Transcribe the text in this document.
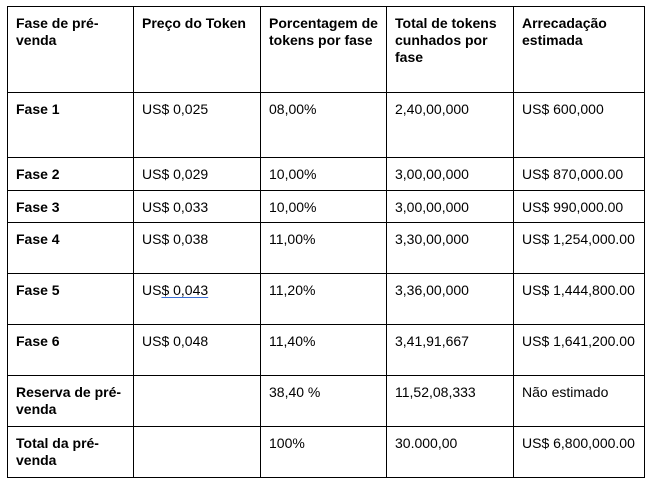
Fase de pré-venda	Preço do Token	Porcentagem de tokens por fase	Total de tokens cunhados por fase	Arrecadação estimada
Fase 1	US$ 0,025	08,00%	2,40,00,000	US$ 600,000
Fase 2	US$ 0,029	10,00%	3,00,00,000	US$ 870,000.00
Fase 3	US$ 0,033	10,00%	3,00,00,000	US$ 990,000.00
Fase 4	US$ 0,038	11,00%	3,30,00,000	US$ 1,254,000.00
Fase 5	US$ 0,043	11,20%	3,36,00,000	US$ 1,444,800.00
Fase 6	US$ 0,048	11,40%	3,41,91,667	US$ 1,641,200.00
Reserva de pré-venda		38,40 %	11,52,08,333	Não estimado
Total da pré-venda		100%	30.000,00	US$ 6,800,000.00
